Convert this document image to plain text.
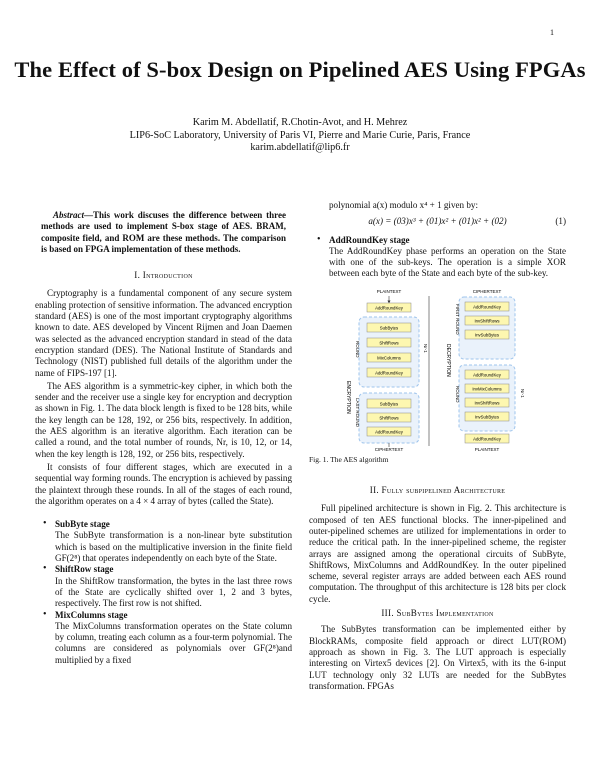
1
The Effect of S-box Design on Pipelined AES Using FPGAs
Karim M. Abdellatif, R.Chotin-Avot, and H. Mehrez
LIP6-SoC Laboratory, University of Paris VI, Pierre and Marie Curie, Paris, France
karim.abdellatif@lip6.fr
Abstract—This work discuses the difference between three methods are used to implement S-box stage of AES. BRAM, composite field, and ROM are these methods. The comparison is based on FPGA implementation of these methods.
I. Introduction

Cryptography is a fundamental component of any secure system enabling protection of sensitive information. The advanced encryption standard (AES) is one of the most important cryptography algorithms known to date. AES developed by Vincent Rijmen and Joan Daemen was selected as the advanced encryption standard in stead of the data encryption standard (DES). The National Institute of Standards and Technology (NIST) published full details of the algorithm under the name of FIPS-197 [1].

The AES algorithm is a symmetric-key cipher, in which both the sender and the receiver use a single key for encryption and decryption as shown in Fig. 1. The data block length is fixed to be 128 bits, while the key length can be 128, 192, or 256 bits, respectively. In addition, the AES algorithm is an iterative algorithm. Each iteration can be called a round, and the total number of rounds, Nr, is 10, 12, or 14, when the key length is 128, 192, or 256 bits, respectively.

It consists of four different stages, which are executed in a sequential way forming rounds. The encryption is achieved by passing the plaintext through these rounds. In all of the stages of each round, the algorithm operates on a 4 × 4 array of bytes (called the State).

• SubByte stage
The SubByte transformation is a non-linear byte substitution which is based on the multiplicative inversion in the finite field GF(2⁸) that operates independently on each byte of the State.
• ShiftRow stage
In the ShiftRow transformation, the bytes in the last three rows of the State are cyclically shifted over 1, 2 and 3 bytes, respectively. The first row is not shifted.
• MixColumns stage
The MixColumns transformation operates on the State column by column, treating each column as a four-term polynomial. The columns are considered as polynomials over GF(2⁸)and multiplied by a fixed
polynomial a(x) modulo x⁴ + 1 given by:
a(x) = (03)x³ + (01)x² + (01)x² + (02)	(1)
• AddRoundKey stage
The AddRoundKey phase performs an operation on the State with one of the sub-keys. The operation is a simple XOR between each byte of the State and each byte of the sub-key.
PLAINTEXT
AddRoundKey
SubBytes
ShiftRows
MixColumns
AddRoundKey
SubBytes
ShiftRows
AddRoundKey
CIPHERTEXT
ENCRYPTION
ROUND
LAST ROUND
Nr-1
CIPHERTEXT
AddRoundKey
InvShiftRows
InvSubBytes
AddRoundKey
InvMixColumns
InvShiftRows
InvSubBytes
AddRoundKey
PLAINTEXT
DECRYPTION
FIRST ROUND
ROUND	Nr-1
Fig. 1. The AES algorithm
II. Fully subpipelined Architecture

Full pipelined architecture is shown in Fig. 2. This architecture is composed of ten AES functional blocks. The inner-pipelined and outer-pipelined schemes are utilized for implementations in order to reduce the critical path. In the inner-pipelined scheme, the register arrays are assigned among the operational circuits of SubByte, ShiftRows, MixColumns and AddRoundKey. In the outer pipelined scheme, several register arrays are added between each AES round computation. The throughput of this architecture is 128 bits per clock cycle.

III. SubBytes Implementation

The SubBytes transformation can be implemented either by BlockRAMs, composite field approach or direct LUT(ROM) approach as shown in Fig. 3. The LUT approach is especially interesting on Virtex5 devices [2]. On Virtex5, with its the 6-input LUT technology only 32 LUTs are needed for the SubBytes transformation. FPGAs
